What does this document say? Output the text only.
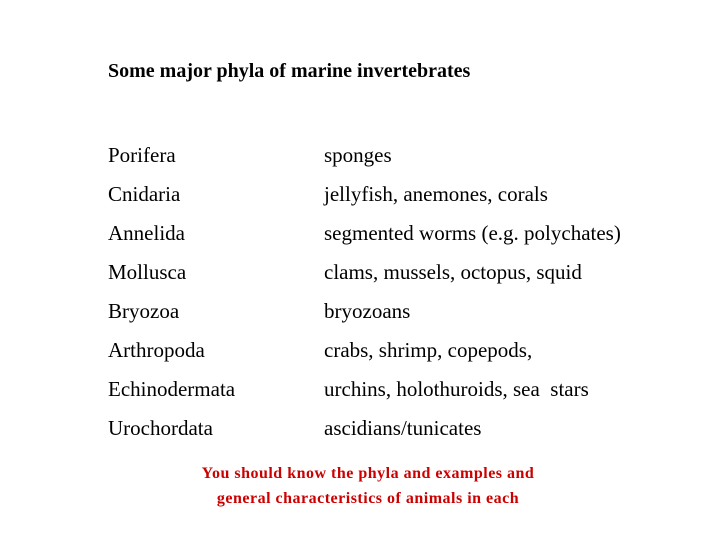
Some major phyla of marine invertebrates
Porifera	sponges
Cnidaria	jellyfish, anemones, corals
Annelida	segmented worms (e.g. polychates)
Mollusca	clams, mussels, octopus, squid
Bryozoa	bryozoans
Arthropoda	crabs, shrimp, copepods,
Echinodermata	urchins, holothuroids, sea  stars
Urochordata	ascidians/tunicates
You should know the phyla and examples and
general characteristics of animals in each
